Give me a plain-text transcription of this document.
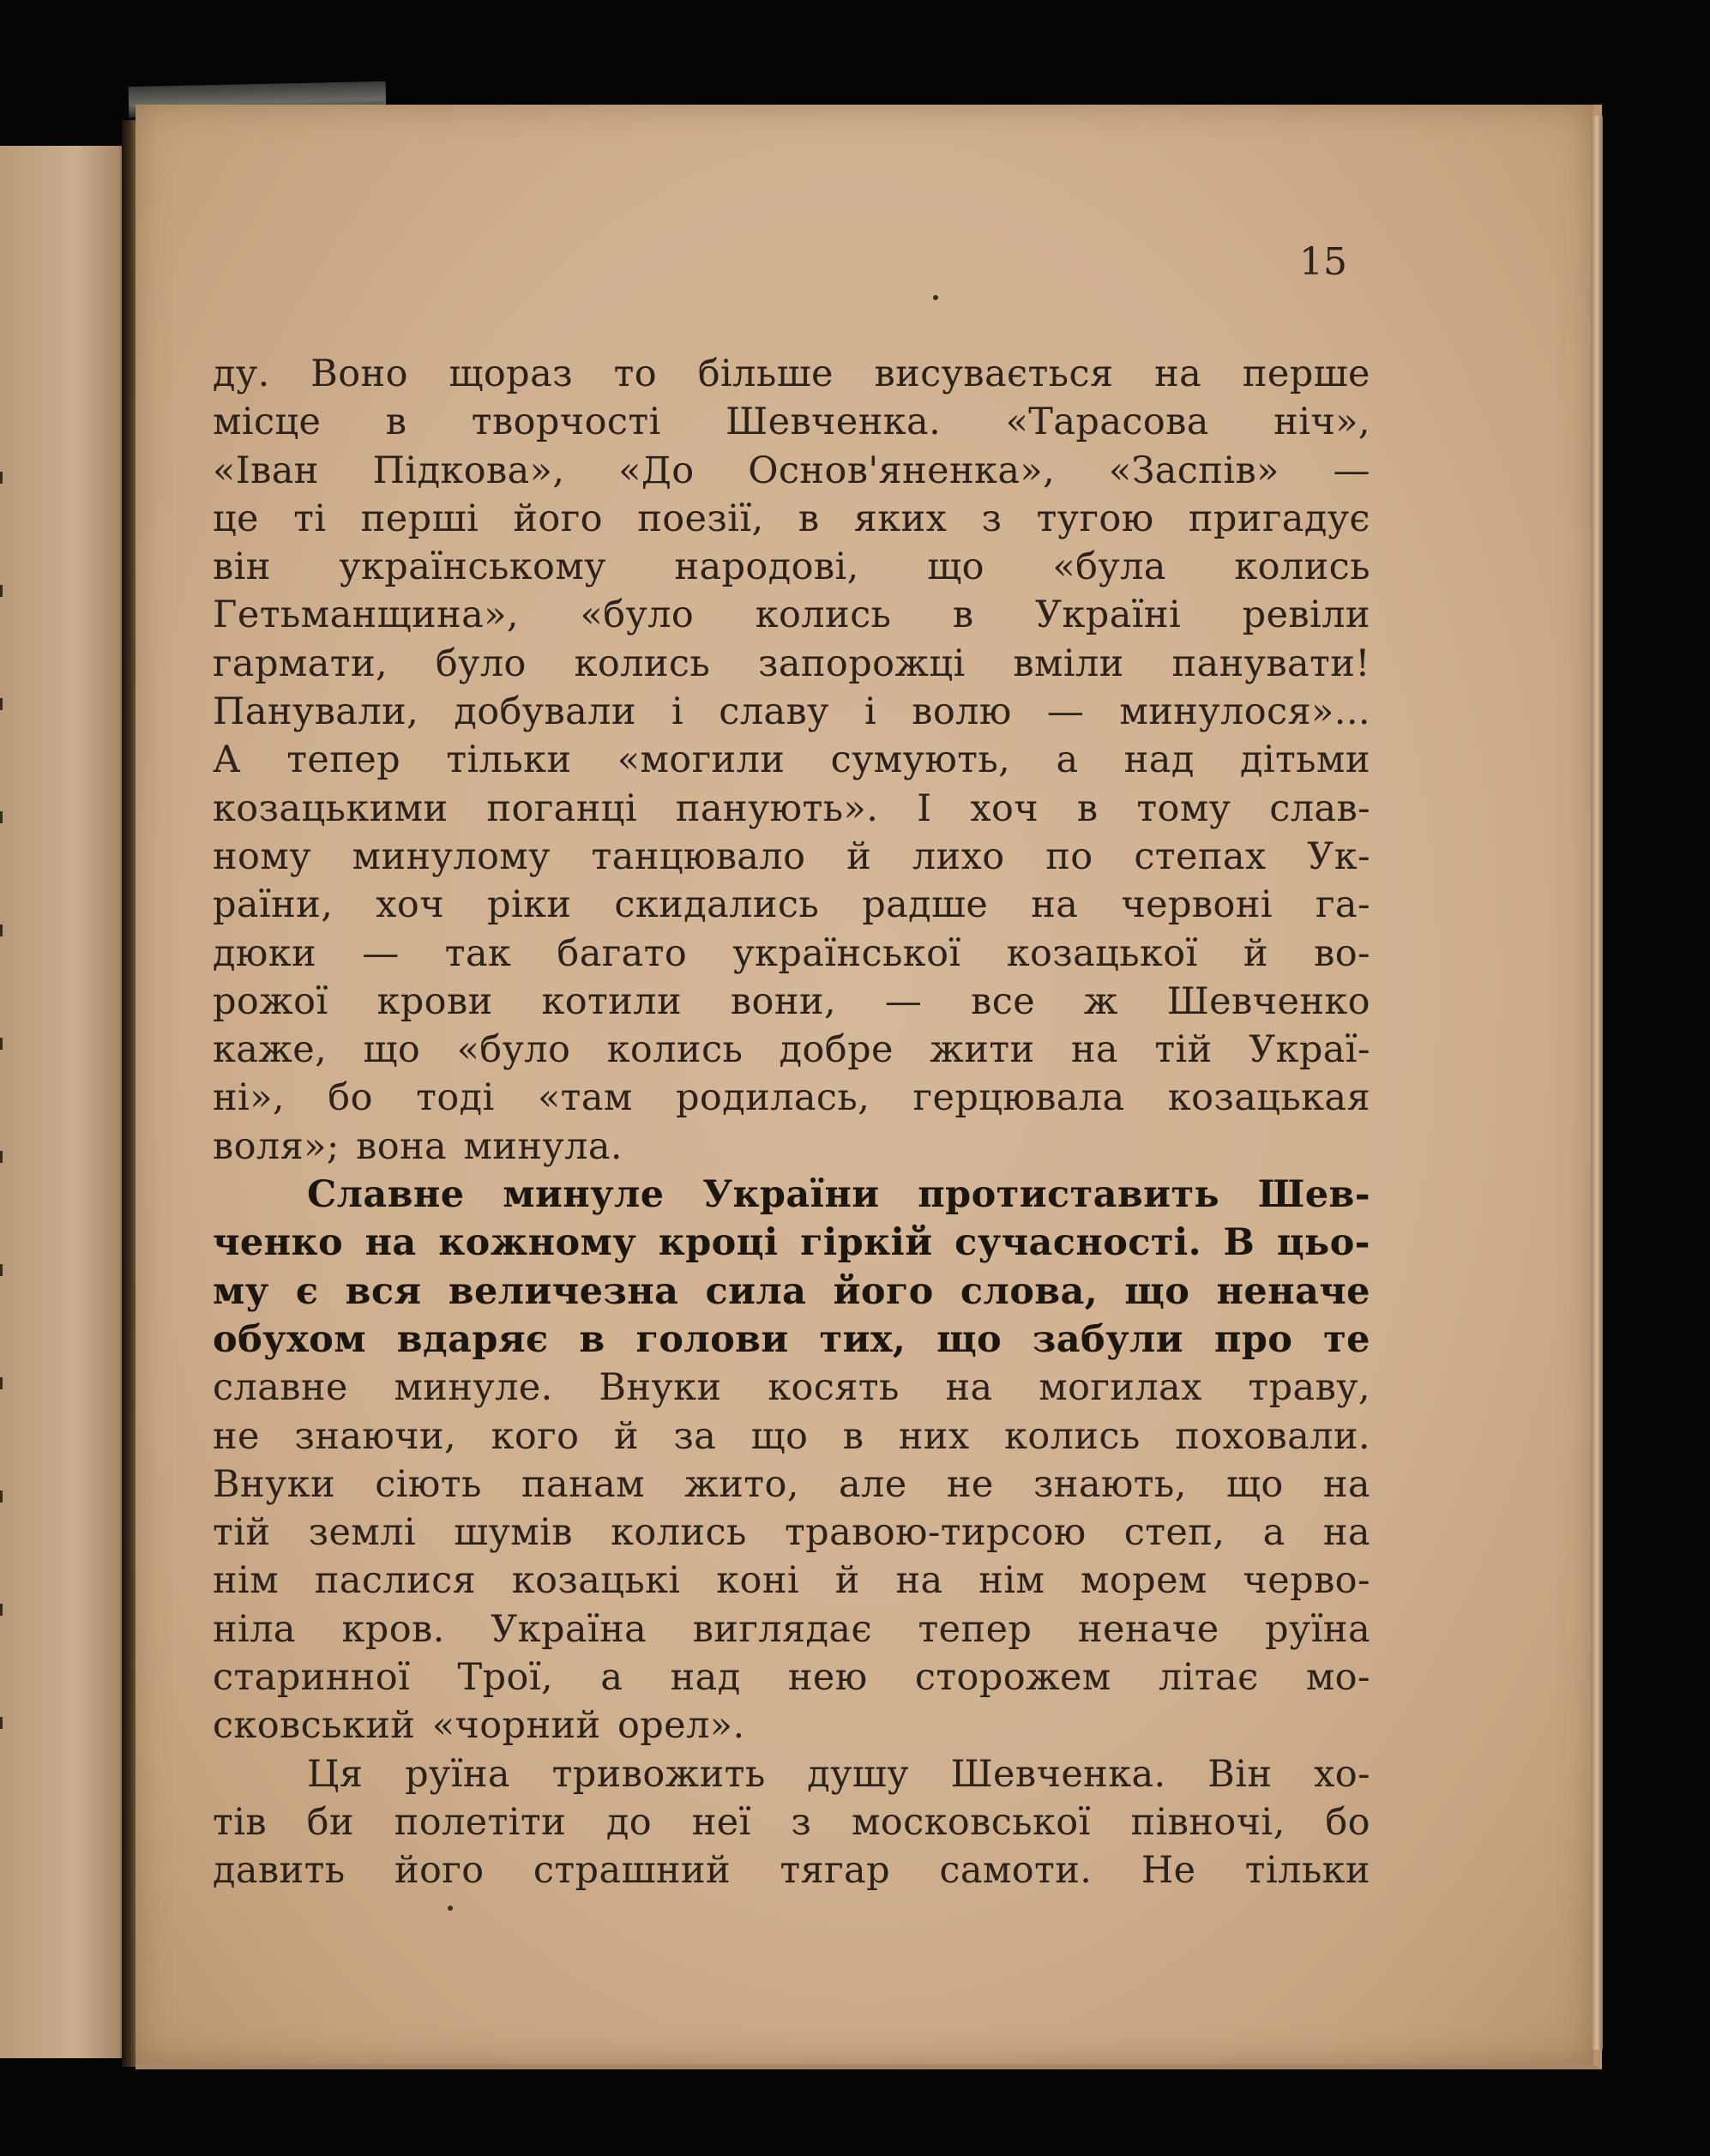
15
ду. Воно щораз то більше висувається на перше
місце в творчості Шевченка. «Тарасова ніч»,
«Іван Підкова», «До Основ'яненка», «Заспів» —
це ті перші його поезії, в яких з тугою пригадує
він українському народові, що «була колись
Гетьманщина», «було колись в Україні ревіли
гармати, було колись запорожці вміли панувати!
Панували, добували і славу і волю — минулося»...
А тепер тільки «могили сумують, а над дітьми
козацькими поганці панують». І хоч в тому слав-
ному минулому танцювало й лихо по степах Ук-
раїни, хоч ріки скидались радше на червоні га-
дюки — так багато української козацької й во-
рожої крови котили вони, — все ж Шевченко
каже, що «було колись добре жити на тій Украї-
ні», бо тоді «там родилась, герцювала козацькая
воля»; вона минула.
Славне минуле України протиставить Шев-
ченко на кожному кроці гіркій сучасності. В цьо-
му є вся величезна сила його слова, що неначе
обухом вдаряє в голови тих, що забули про те
славне минуле. Внуки косять на могилах траву,
не знаючи, кого й за що в них колись поховали.
Внуки сіють панам жито, але не знають, що на
тій землі шумів колись травою-тирсою степ, а на
нім паслися козацькі коні й на нім морем черво-
ніла кров. Україна виглядає тепер неначе руїна
старинної Трої, а над нею сторожем літає мо-
сковський «чорний орел».
Ця руїна тривожить душу Шевченка. Він хо-
тів би полетіти до неї з московської півночі, бо
давить його страшний тягар самоти. Не тільки
